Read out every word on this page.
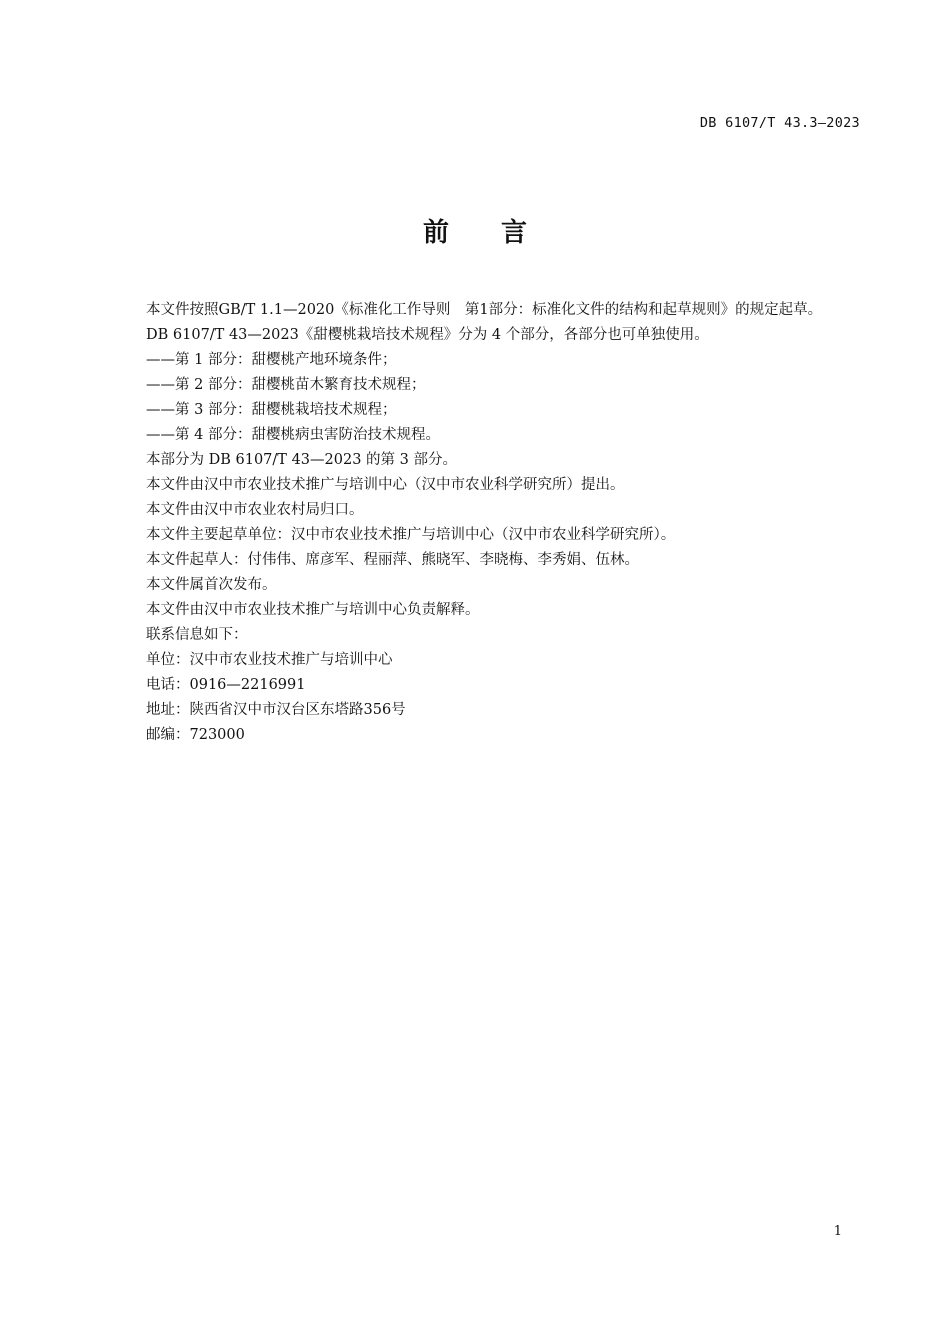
DB 6107/T 43.3—2023
前言

本文件按照GB/T 1.1—2020《标准化工作导则　第1部分：标准化文件的结构和起草规则》的规定起草。

DB 6107/T 43—2023《甜樱桃栽培技术规程》分为 4 个部分，各部分也可单独使用。

——第 1 部分：甜樱桃产地环境条件；

——第 2 部分：甜樱桃苗木繁育技术规程；

——第 3 部分：甜樱桃栽培技术规程；

——第 4 部分：甜樱桃病虫害防治技术规程。

本部分为 DB 6107/T 43—2023 的第 3 部分。

本文件由汉中市农业技术推广与培训中心（汉中市农业科学研究所）提出。

本文件由汉中市农业农村局归口。

本文件主要起草单位：汉中市农业技术推广与培训中心（汉中市农业科学研究所）。

本文件起草人：付伟伟、席彦军、程丽萍、熊晓军、李晓梅、李秀娟、伍林。

本文件属首次发布。

本文件由汉中市农业技术推广与培训中心负责解释。

联系信息如下：

单位：汉中市农业技术推广与培训中心

电话：0916—2216991

地址：陕西省汉中市汉台区东塔路356号

邮编：723000

1
